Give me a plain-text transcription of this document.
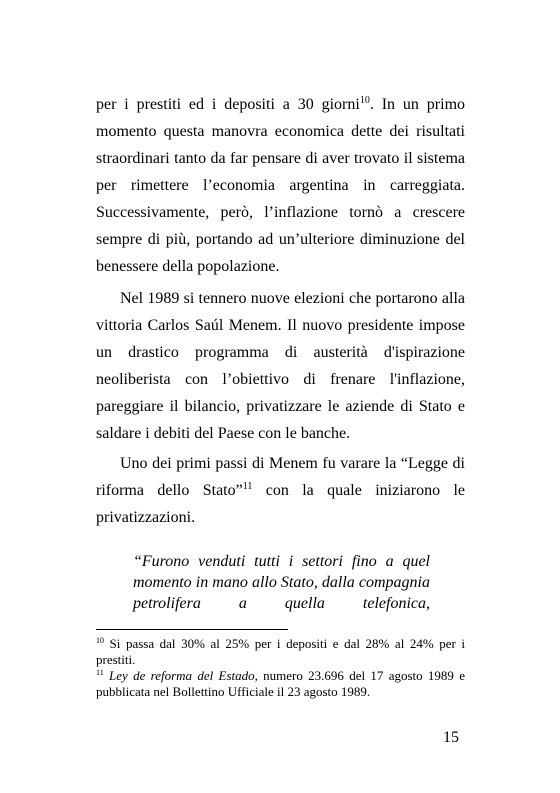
per i prestiti ed i depositi a 30 giorni$^{10}$. In un primo momento questa manovra economica dette dei risultati straordinari tanto da far pensare di aver trovato il sistema per rimettere l’economia argentina in carreggiata. Successivamente, però, l’inflazione tornò a crescere sempre di più, portando ad un’ulteriore diminuzione del benessere della popolazione.

Nel 1989 si tennero nuove elezioni che portarono alla vittoria Carlos Saúl Menem. Il nuovo presidente impose un drastico programma di austerità d'ispirazione neoliberista con l’obiettivo di frenare l'inflazione, pareggiare il bilancio, privatizzare le aziende di Stato e saldare i debiti del Paese con le banche.

Uno dei primi passi di Menem fu varare la “Legge di riforma dello Stato”$^{11}$ con la quale iniziarono le privatizzazioni.

“Furono venduti tutti i settori fino a quel momento in mano allo Stato, dalla compagnia petrolifera a quella telefonica,

$^{10}$ Si passa dal 30% al 25% per i depositi e dal 28% al 24% per i prestiti.

$^{11}$ Ley de reforma del Estado, numero 23.696 del 17 agosto 1989 e pubblicata nel Bollettino Ufficiale il 23 agosto 1989.

15
